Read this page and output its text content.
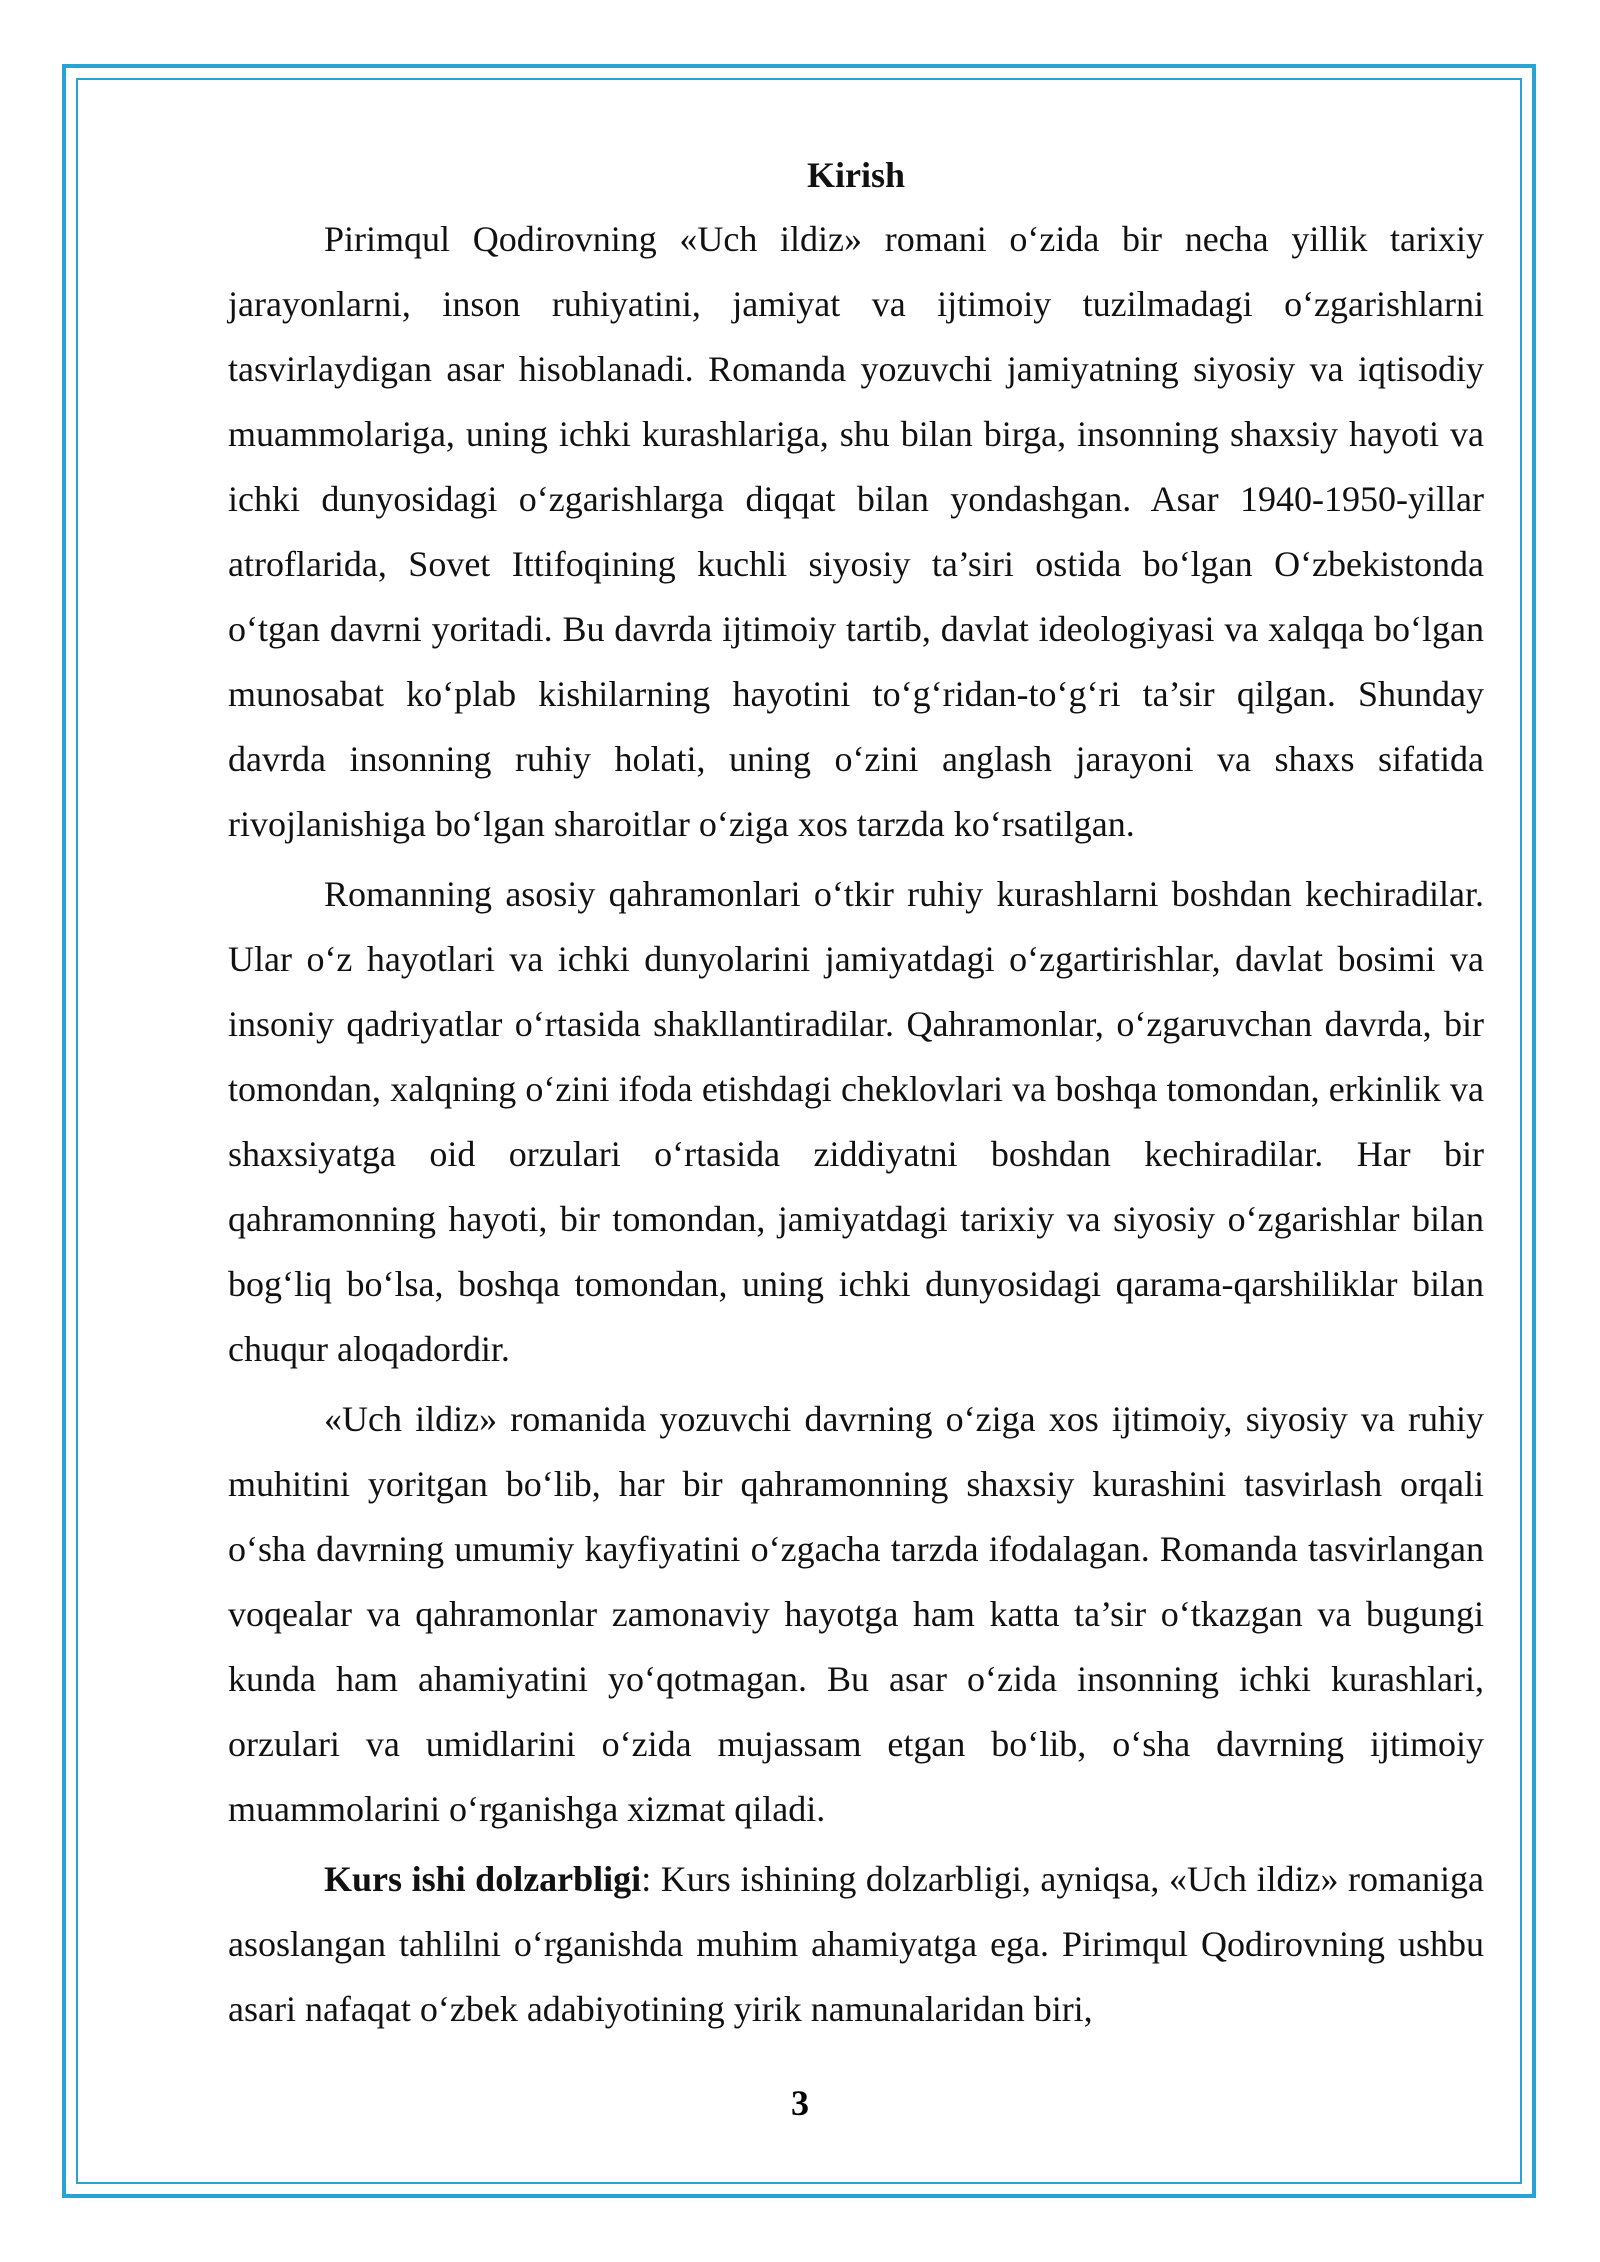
Kirish

Pirimqul Qodirovning «Uch ildiz» romani o‘zida bir necha yillik tarixiy jarayonlarni, inson ruhiyatini, jamiyat va ijtimoiy tuzilmadagi o‘zgarishlarni tasvirlaydigan asar hisoblanadi. Romanda yozuvchi jamiyatning siyosiy va iqtisodiy muammolariga, uning ichki kurashlariga, shu bilan birga, insonning shaxsiy hayoti va ichki dunyosidagi o‘zgarishlarga diqqat bilan yondashgan. Asar 1940-1950-yillar atroflarida, Sovet Ittifoqining kuchli siyosiy ta’siri ostida bo‘lgan O‘zbekistonda o‘tgan davrni yoritadi. Bu davrda ijtimoiy tartib, davlat ideologiyasi va xalqqa bo‘lgan munosabat ko‘plab kishilarning hayotini to‘g‘ridan-to‘g‘ri ta’sir qilgan. Shunday davrda insonning ruhiy holati, uning o‘zini anglash jarayoni va shaxs sifatida rivojlanishiga bo‘lgan sharoitlar o‘ziga xos tarzda ko‘rsatilgan.

Romanning asosiy qahramonlari o‘tkir ruhiy kurashlarni boshdan kechiradilar. Ular o‘z hayotlari va ichki dunyolarini jamiyatdagi o‘zgartirishlar, davlat bosimi va insoniy qadriyatlar o‘rtasida shakllantiradilar. Qahramonlar, o‘zgaruvchan davrda, bir tomondan, xalqning o‘zini ifoda etishdagi cheklovlari va boshqa tomondan, erkinlik va shaxsiyatga oid orzulari o‘rtasida ziddiyatni boshdan kechiradilar. Har bir qahramonning hayoti, bir tomondan, jamiyatdagi tarixiy va siyosiy o‘zgarishlar bilan bog‘liq bo‘lsa, boshqa tomondan, uning ichki dunyosidagi qarama-qarshiliklar bilan chuqur aloqadordir.

«Uch ildiz» romanida yozuvchi davrning o‘ziga xos ijtimoiy, siyosiy va ruhiy muhitini yoritgan bo‘lib, har bir qahramonning shaxsiy kurashini tasvirlash orqali o‘sha davrning umumiy kayfiyatini o‘zgacha tarzda ifodalagan. Romanda tasvirlangan voqealar va qahramonlar zamonaviy hayotga ham katta ta’sir o‘tkazgan va bugungi kunda ham ahamiyatini yo‘qotmagan. Bu asar o‘zida insonning ichki kurashlari, orzulari va umidlarini o‘zida mujassam etgan bo‘lib, o‘sha davrning ijtimoiy muammolarini o‘rganishga xizmat qiladi.

Kurs ishi dolzarbligi: Kurs ishining dolzarbligi, ayniqsa, «Uch ildiz» romaniga asoslangan tahlilni o‘rganishda muhim ahamiyatga ega. Pirimqul Qodirovning ushbu asari nafaqat o‘zbek adabiyotining yirik namunalaridan biri,

3
